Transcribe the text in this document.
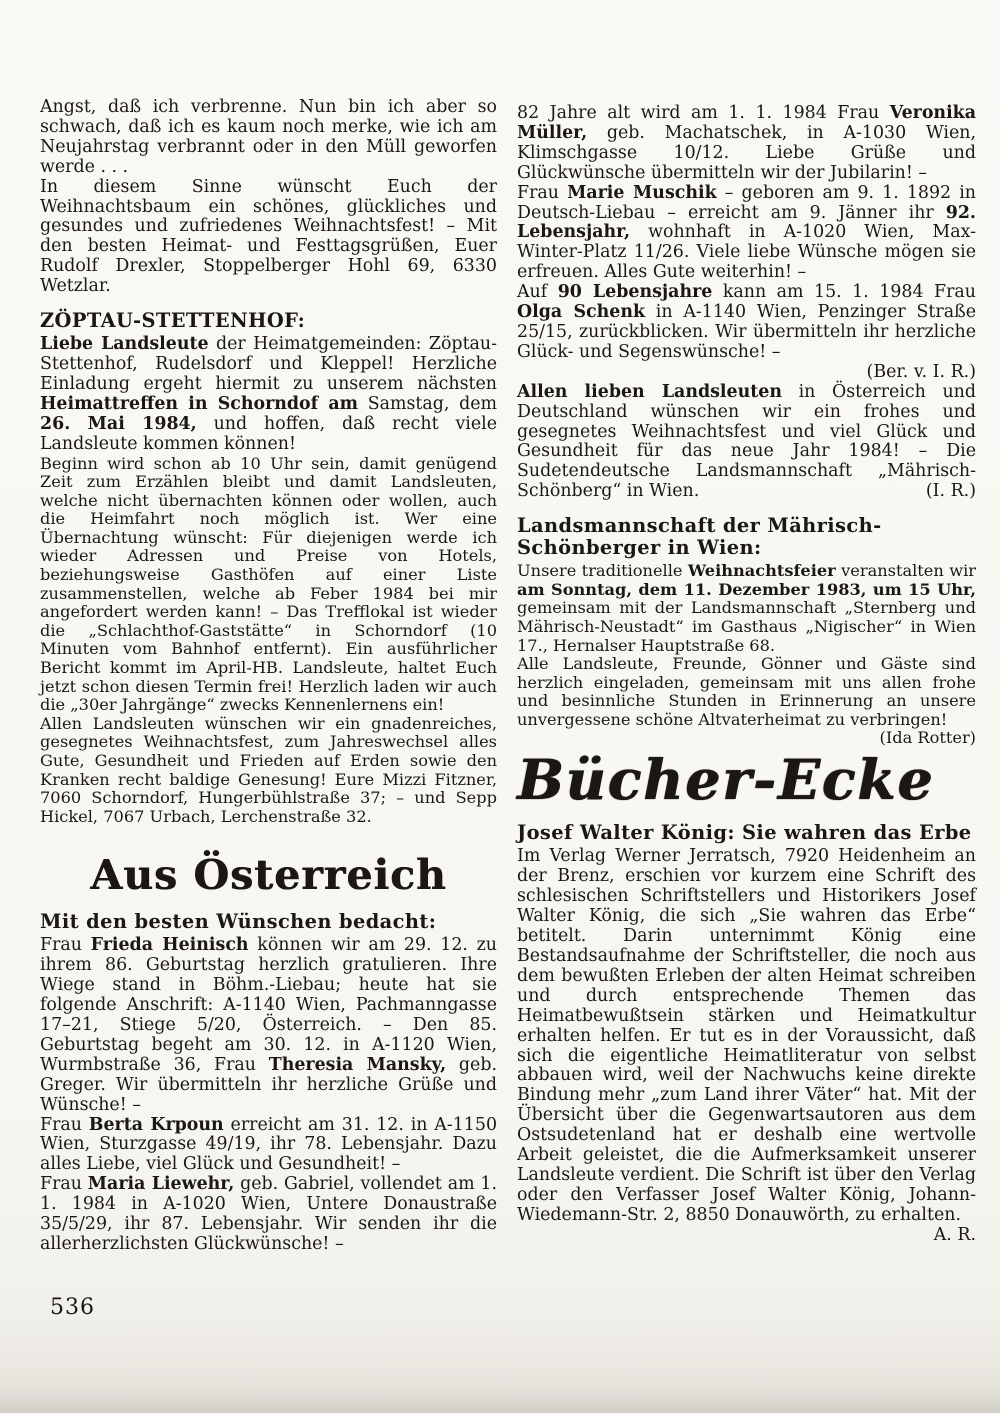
Angst, daß ich verbrenne. Nun bin ich aber so schwach, daß ich es kaum noch merke, wie ich am Neujahrstag verbrannt oder in den Müll geworfen werde . . .
In diesem Sinne wünscht Euch der Weihnachtsbaum ein schönes, glückliches und gesundes und zufriedenes Weihnachtsfest! – Mit den besten Heimat- und Festtagsgrüßen, Euer Rudolf Drexler, Stoppelberger Hohl 69, 6330 Wetzlar.
ZÖPTAU-STETTENHOF:
Liebe Landsleute der Heimatgemeinden: Zöptau-Stettenhof, Rudelsdorf und Kleppel! Herzliche Einladung ergeht hiermit zu unserem nächsten Heimattreffen in Schorndof am Samstag, dem 26. Mai 1984, und hoffen, daß recht viele Landsleute kommen können!
Beginn wird schon ab 10 Uhr sein, damit genügend Zeit zum Erzählen bleibt und damit Landsleuten, welche nicht übernachten können oder wollen, auch die Heimfahrt noch möglich ist. Wer eine Übernachtung wünscht: Für diejenigen werde ich wieder Adressen und Preise von Hotels, beziehungsweise Gasthöfen auf einer Liste zusammenstellen, welche ab Feber 1984 bei mir angefordert werden kann! – Das Trefflokal ist wieder die „Schlachthof-Gaststätte“ in Schorndorf (10 Minuten vom Bahnhof entfernt). Ein ausführlicher Bericht kommt im April-HB. Landsleute, haltet Euch jetzt schon diesen Termin frei! Herzlich laden wir auch die „30er Jahrgänge“ zwecks Kennenlernens ein!
Allen Landsleuten wünschen wir ein gnadenreiches, gesegnetes Weihnachtsfest, zum Jahreswechsel alles Gute, Gesundheit und Frieden auf Erden sowie den Kranken recht baldige Genesung! Eure Mizzi Fitzner, 7060 Schorndorf, Hungerbühlstraße 37; – und Sepp Hickel, 7067 Urbach, Lerchenstraße 32.
Aus Österreich
Mit den besten Wünschen bedacht:
Frau Frieda Heinisch können wir am 29. 12. zu ihrem 86. Geburtstag herzlich gratulieren. Ihre Wiege stand in Böhm.-Liebau; heute hat sie folgende Anschrift: A-1140 Wien, Pachmanngasse 17–21, Stiege 5/20, Österreich. – Den 85. Geburtstag begeht am 30. 12. in A-1120 Wien, Wurmbstraße 36, Frau Theresia Mansky, geb. Greger. Wir übermitteln ihr herzliche Grüße und Wünsche! –
Frau Berta Krpoun erreicht am 31. 12. in A-1150 Wien, Sturzgasse 49/19, ihr 78. Lebensjahr. Dazu alles Liebe, viel Glück und Gesundheit! –
Frau Maria Liewehr, geb. Gabriel, vollendet am 1. 1. 1984 in A-1020 Wien, Untere Donaustraße 35/5/29, ihr 87. Lebensjahr. Wir senden ihr die allerherzlichsten Glückwünsche! –
82 Jahre alt wird am 1. 1. 1984 Frau Veronika Müller, geb. Machatschek, in A-1030 Wien, Klimschgasse 10/12. Liebe Grüße und Glückwünsche übermitteln wir der Jubilarin! –
Frau Marie Muschik – geboren am 9. 1. 1892 in Deutsch-Liebau – erreicht am 9. Jänner ihr 92. Lebensjahr, wohnhaft in A-1020 Wien, Max-Winter-Platz 11/26. Viele liebe Wünsche mögen sie erfreuen. Alles Gute weiterhin! –
Auf 90 Lebensjahre kann am 15. 1. 1984 Frau Olga Schenk in A-1140 Wien, Penzinger Straße 25/15, zurückblicken. Wir übermitteln ihr herzliche Glück- und Segenswünsche! –
(Ber. v. I. R.)
Allen lieben Landsleuten in Österreich und Deutschland wünschen wir ein frohes und gesegnetes Weihnachtsfest und viel Glück und Gesundheit für das neue Jahr 1984! – Die Sudetendeutsche Landsmannschaft „Mährisch-Schönberg“ in Wien.	(I. R.)
Landsmannschaft der Mährisch-Schönberger in Wien:
Unsere traditionelle Weihnachtsfeier veranstalten wir am Sonntag, dem 11. Dezember 1983, um 15 Uhr, gemeinsam mit der Landsmannschaft „Sternberg und Mährisch-Neustadt“ im Gasthaus „Nigischer“ in Wien 17., Hernalser Hauptstraße 68.
Alle Landsleute, Freunde, Gönner und Gäste sind herzlich eingeladen, gemeinsam mit uns allen frohe und besinnliche Stunden in Erinnerung an unsere unvergessene schöne Altvaterheimat zu verbringen!
(Ida Rotter)
Bücher-Ecke
Josef Walter König: Sie wahren das Erbe
Im Verlag Werner Jerratsch, 7920 Heidenheim an der Brenz, erschien vor kurzem eine Schrift des schlesischen Schriftstellers und Historikers Josef Walter König, die sich „Sie wahren das Erbe“ betitelt. Darin unternimmt König eine Bestandsaufnahme der Schriftsteller, die noch aus dem bewußten Erleben der alten Heimat schreiben und durch entsprechende Themen das Heimatbewußtsein stärken und Heimatkultur erhalten helfen. Er tut es in der Voraussicht, daß sich die eigentliche Heimatliteratur von selbst abbauen wird, weil der Nachwuchs keine direkte Bindung mehr „zum Land ihrer Väter“ hat. Mit der Übersicht über die Gegenwartsautoren aus dem Ostsudetenland hat er deshalb eine wertvolle Arbeit geleistet, die die Aufmerksamkeit unserer Landsleute verdient. Die Schrift ist über den Verlag oder den Verfasser Josef Walter König, Johann-Wiedemann-Str. 2, 8850 Donauwörth, zu erhalten.
A. R.
536
